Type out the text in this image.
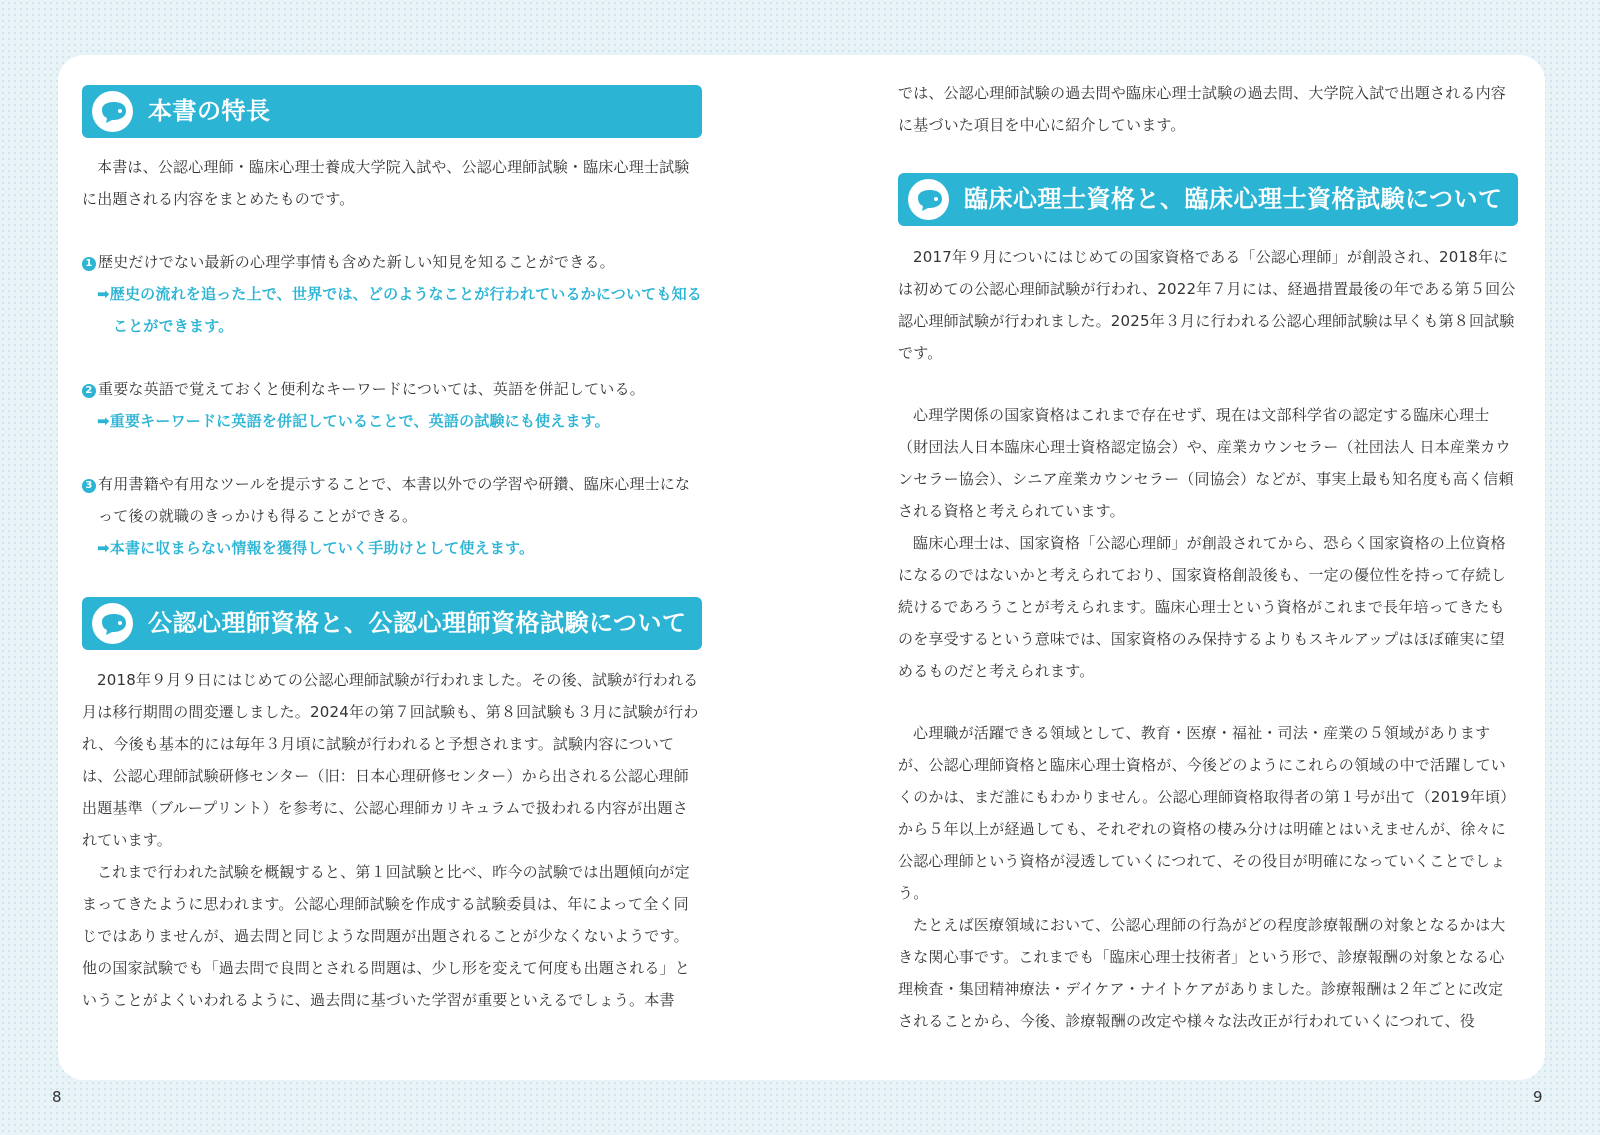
本書の特長

本書は、公認心理師・臨床心理士養成大学院入試や、公認心理師試験・臨床心理士試験に出題される内容をまとめたものです。

1 歴史だけでない最新の心理学事情も含めた新しい知見を知ることができる。

➡歴史の流れを追った上で、世界では、どのようなことが行われているかについても知ることができます。

2 重要な英語で覚えておくと便利なキーワードについては、英語を併記している。

➡重要キーワードに英語を併記していることで、英語の試験にも使えます。

3 有用書籍や有用なツールを提示することで、本書以外での学習や研鑽、臨床心理士になって後の就職のきっかけも得ることができる。

➡本書に収まらない情報を獲得していく手助けとして使えます。

公認心理師資格と、公認心理師資格試験について

2018年９月９日にはじめての公認心理師試験が行われました。その後、試験が行われる月は移行期間の間変遷しました。2024年の第７回試験も、第８回試験も３月に試験が行われ、今後も基本的には毎年３月頃に試験が行われると予想されます。試験内容については、公認心理師試験研修センター（旧：日本心理研修センター）から出される公認心理師出題基準（ブループリント）を参考に、公認心理師カリキュラムで扱われる内容が出題されています。

これまで行われた試験を概観すると、第１回試験と比べ、昨今の試験では出題傾向が定まってきたように思われます。公認心理師試験を作成する試験委員は、年によって全く同じではありませんが、過去問と同じような問題が出題されることが少なくないようです。

他の国家試験でも「過去問で良問とされる問題は、少し形を変えて何度も出題される」ということがよくいわれるように、過去問に基づいた学習が重要といえるでしょう。本書

では、公認心理師試験の過去問や臨床心理士試験の過去問、大学院入試で出題される内容に基づいた項目を中心に紹介しています。

臨床心理士資格と、臨床心理士資格試験について

2017年９月についにはじめての国家資格である「公認心理師」が創設され、2018年には初めての公認心理師試験が行われ、2022年７月には、経過措置最後の年である第５回公認心理師試験が行われました。2025年３月に行われる公認心理師試験は早くも第８回試験です。

心理学関係の国家資格はこれまで存在せず、現在は文部科学省の認定する臨床心理士（財団法人日本臨床心理士資格認定協会）や、産業カウンセラー（社団法人 日本産業カウンセラー協会）、シニア産業カウンセラー（同協会）などが、事実上最も知名度も高く信頼される資格と考えられています。

臨床心理士は、国家資格「公認心理師」が創設されてから、恐らく国家資格の上位資格になるのではないかと考えられており、国家資格創設後も、一定の優位性を持って存続し続けるであろうことが考えられます。臨床心理士という資格がこれまで長年培ってきたものを享受するという意味では、国家資格のみ保持するよりもスキルアップはほぼ確実に望めるものだと考えられます。

心理職が活躍できる領域として、教育・医療・福祉・司法・産業の５領域がありますが、公認心理師資格と臨床心理士資格が、今後どのようにこれらの領域の中で活躍していくのかは、まだ誰にもわかりません。公認心理師資格取得者の第１号が出て（2019年頃）から５年以上が経過しても、それぞれの資格の棲み分けは明確とはいえませんが、徐々に公認心理師という資格が浸透していくにつれて、その役目が明確になっていくことでしょう。

たとえば医療領域において、公認心理師の行為がどの程度診療報酬の対象となるかは大きな関心事です。これまでも「臨床心理士技術者」という形で、診療報酬の対象となる心理検査・集団精神療法・デイケア・ナイトケアがありました。診療報酬は２年ごとに改定されることから、今後、診療報酬の改定や様々な法改正が行われていくにつれて、役

8	9
